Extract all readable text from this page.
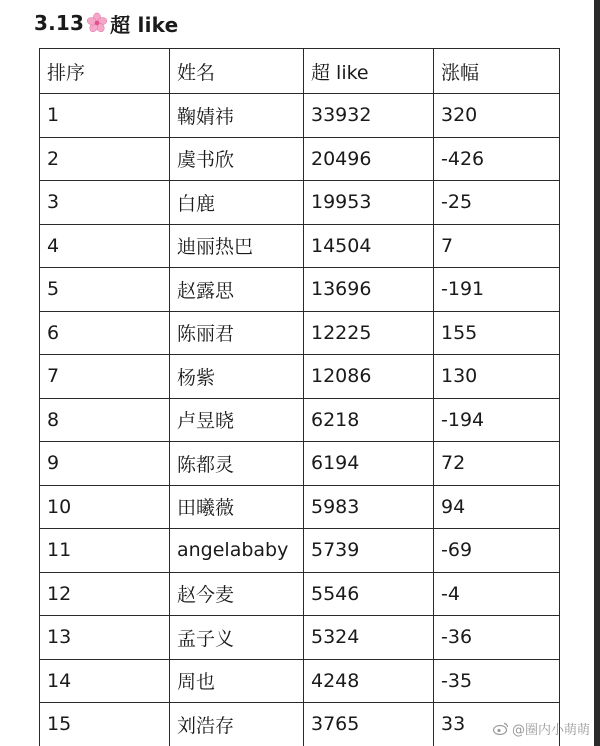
3.13 超 like
排序	姓名	超 like	涨幅
1	鞠婧祎	33932	320
2	虞书欣	20496	-426
3	白鹿	19953	-25
4	迪丽热巴	14504	7
5	赵露思	13696	-191
6	陈丽君	12225	155
7	杨紫	12086	130
8	卢昱晓	6218	-194
9	陈都灵	6194	72
10	田曦薇	5983	94
11	angelababy	5739	-69
12	赵今麦	5546	-4
13	孟子义	5324	-36
14	周也	4248	-35
15	刘浩存	3765	33	@圈内小萌萌
